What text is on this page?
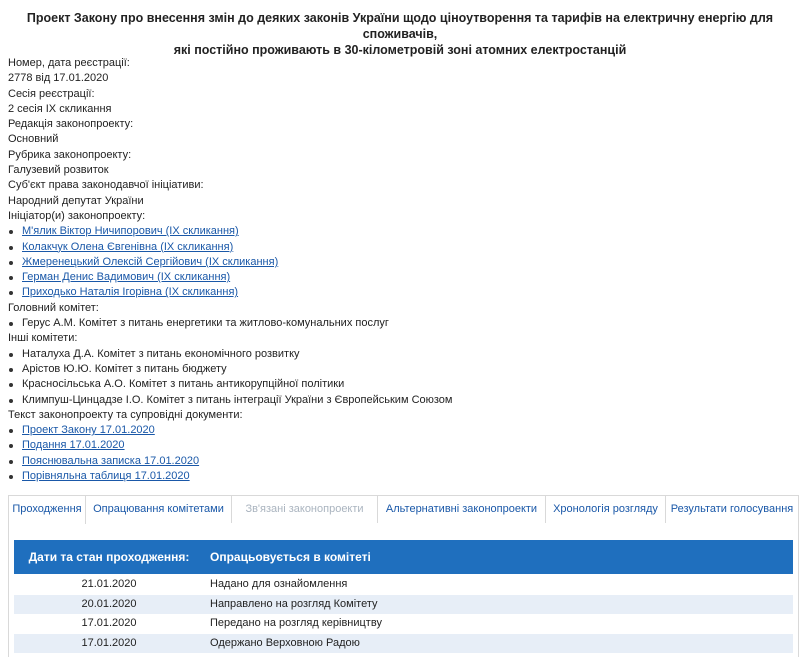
Проект Закону про внесення змін до деяких законів України щодо ціноутворення та тарифів на електричну енергію для споживачів,
які постійно проживають в 30-кілометровій зоні атомних електростанцій
Номер, дата реєстрації:
2778 від 17.01.2020
Сесія реєстрації:
2 сесія IX скликання
Редакція законопроекту:
Основний
Рубрика законопроекту:
Галузевий розвиток
Суб'єкт права законодавчої ініціативи:
Народний депутат України
Ініціатор(и) законопроекту:
М'ялик Віктор Ничипорович (IX скликання)
Колакчук Олена Євгенівна (IX скликання)
Жмеренецький Олексій Сергійович (IX скликання)
Герман Денис Вадимович (IX скликання)
Приходько Наталія Ігорівна (IX скликання)
Головний комітет:
Герус А.М. Комітет з питань енергетики та житлово-комунальних послуг
Інші комітети:
Наталуха Д.А. Комітет з питань економічного розвитку
Арістов Ю.Ю. Комітет з питань бюджету
Красносільська А.О. Комітет з питань антикорупційної політики
Климпуш-Цинцадзе І.О. Комітет з питань інтеграції України з Європейським Союзом
Текст законопроекту та супровідні документи:
Проект Закону 17.01.2020
Подання 17.01.2020
Пояснювальна записка 17.01.2020
Порівняльна таблиця 17.01.2020
Проходження	Опрацювання комітетами	Зв'язані законопроекти	Альтернативні законопроекти	Хронологія розгляду	Результати голосування
Дати та стан проходження:	Опрацьовується в комітеті
21.01.2020	Надано для ознайомлення
20.01.2020	Направлено на розгляд Комітету
17.01.2020	Передано на розгляд керівництву
17.01.2020	Одержано Верховною Радою
